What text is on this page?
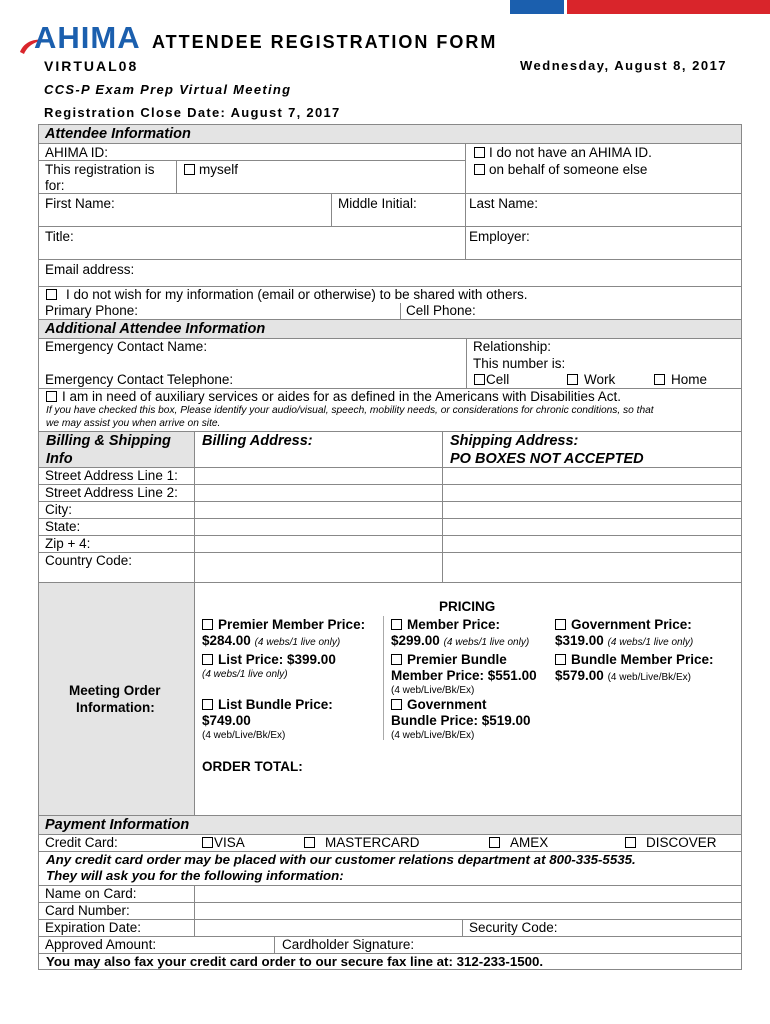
AHIMA ATTENDEE REGISTRATION FORM
VIRTUAL08	Wednesday, August 8, 2017
CCS-P Exam Prep Virtual Meeting
Registration Close Date: August 7, 2017
Attendee Information
AHIMA ID:	I do not have an AHIMA ID.
This registration is
for:
myself	on behalf of someone else
First Name:	Middle Initial:	Last Name:
Title:	Employer:
Email address:
I do not wish for my information (email or otherwise) to be shared with others.
Primary Phone:	Cell Phone:
Additional Attendee Information
Emergency Contact Name:	Relationship:
This number is:
Emergency Contact Telephone:	Cell	Work	Home
I am in need of auxiliary services or aides for as defined in the Americans with Disabilities Act.
If you have checked this box, Please identify your audio/visual, speech, mobility needs, or considerations for chronic conditions, so that
we may assist you when arrive on site.
Billing & Shipping
Info
Billing Address:	Shipping Address:
PO BOXES NOT ACCEPTED
Street Address Line 1:
Street Address Line 2:
City:
State:
Zip + 4:
Country Code:
Meeting Order
Information:
PRICING
Premier Member Price:
$284.00 (4 webs/1 live only)
Member Price:
$299.00 (4 webs/1 live only)
Government Price:
$319.00 (4 webs/1 live only)
List Price: $399.00
(4 webs/1 live only)
Premier Bundle
Member Price: $551.00
(4 web/Live/Bk/Ex)
Bundle Member Price:
$579.00 (4 web/Live/Bk/Ex)
List Bundle Price:
$749.00
(4 web/Live/Bk/Ex)
Government
Bundle Price: $519.00
(4 web/Live/Bk/Ex)
ORDER TOTAL:
Payment Information
Credit Card:	VISA	MASTERCARD	AMEX	DISCOVER
Any credit card order may be placed with our customer relations department at 800-335-5535.
They will ask you for the following information:
Name on Card:
Card Number:
Expiration Date:	Security Code:
Approved Amount:	Cardholder Signature:
You may also fax your credit card order to our secure fax line at: 312-233-1500.
